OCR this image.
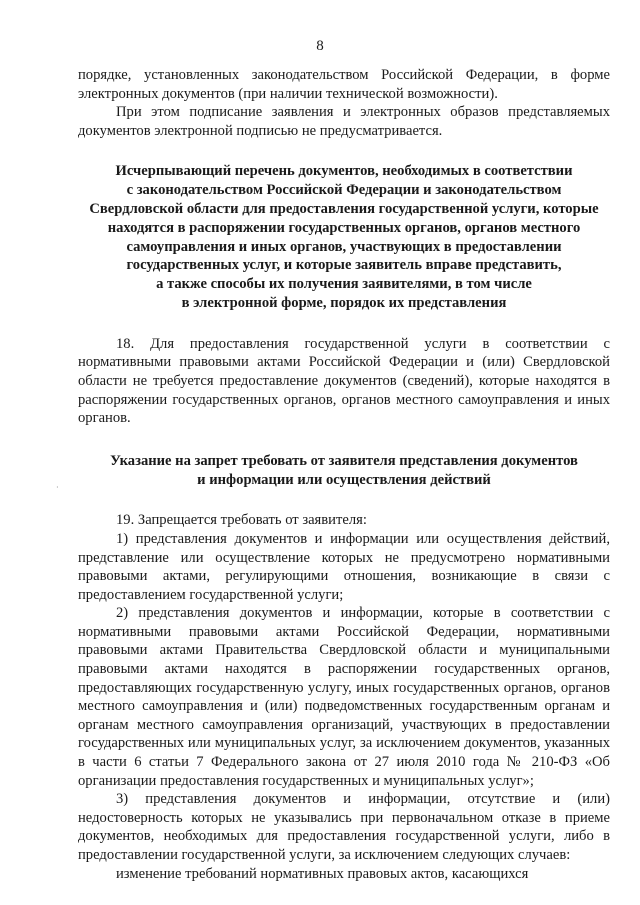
8

порядке, установленных законодательством Российской Федерации, в форме электронных документов (при наличии технической возможности).

При этом подписание заявления и электронных образов представляемых документов электронной подписью не предусматривается.

Исчерпывающий перечень документов, необходимых в соответствии
с законодательством Российской Федерации и законодательством
Свердловской области для предоставления государственной услуги, которые
находятся в распоряжении государственных органов, органов местного
самоуправления и иных органов, участвующих в предоставлении
государственных услуг, и которые заявитель вправе представить,
а также способы их получения заявителями, в том числе
в электронной форме, порядок их представления

18. Для предоставления государственной услуги в соответствии с нормативными правовыми актами Российской Федерации и (или) Свердловской области не требуется предоставление документов (сведений), которые находятся в распоряжении государственных органов, органов местного самоуправления и иных органов.

Указание на запрет требовать от заявителя представления документов
и информации или осуществления действий

19. Запрещается требовать от заявителя:

1) представления документов и информации или осуществления действий, представление или осуществление которых не предусмотрено нормативными правовыми актами, регулирующими отношения, возникающие в связи с предоставлением государственной услуги;

2) представления документов и информации, которые в соответствии с нормативными правовыми актами Российской Федерации, нормативными правовыми актами Правительства Свердловской области и муниципальными правовыми актами находятся в распоряжении государственных органов, предоставляющих государственную услугу, иных государственных органов, органов местного самоуправления и (или) подведомственных государственным органам и органам местного самоуправления организаций, участвующих в предоставлении государственных или муниципальных услуг, за исключением документов, указанных в части 6 статьи 7 Федерального закона от 27 июля 2010 года № 210-ФЗ «Об организации предоставления государственных и муниципальных услуг»;

3) представления документов и информации, отсутствие и (или) недостоверность которых не указывались при первоначальном отказе в приеме документов, необходимых для предоставления государственной услуги, либо в предоставлении государственной услуги, за исключением следующих случаев:

изменение требований нормативных правовых актов, касающихся

·
